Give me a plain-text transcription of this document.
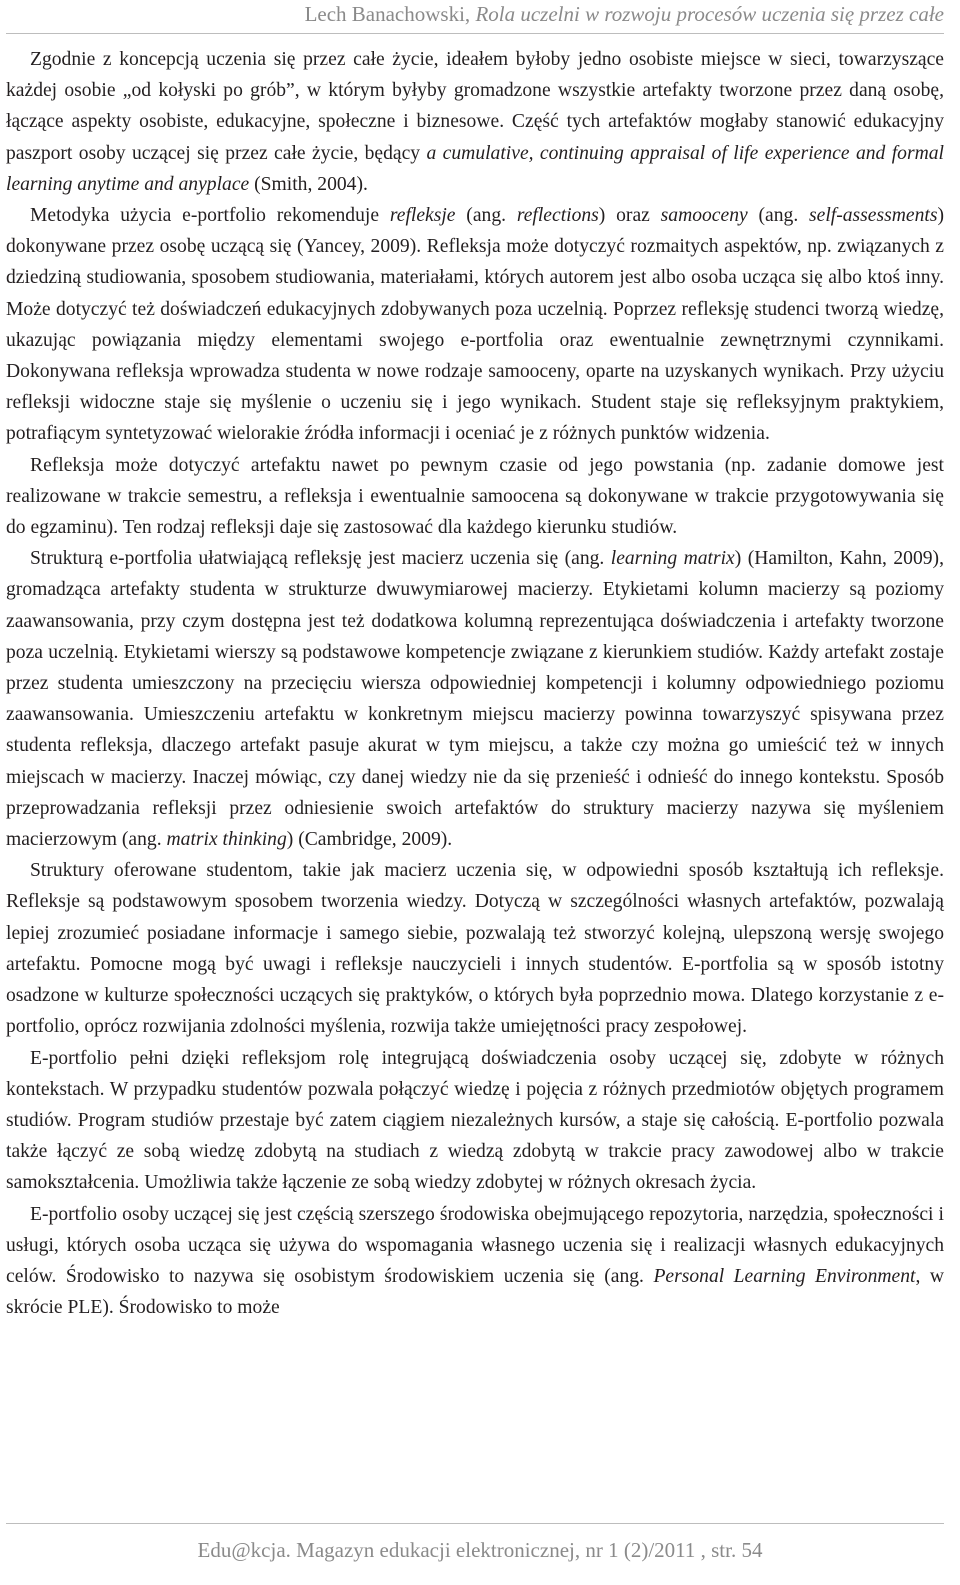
Lech Banachowski, Rola uczelni w rozwoju procesów uczenia się przez całe

Zgodnie z koncepcją uczenia się przez całe życie, ideałem byłoby jedno osobiste miejsce w sieci, towarzyszące każdej osobie „od kołyski po grób”, w którym byłyby gromadzone wszystkie artefakty tworzone przez daną osobę, łączące aspekty osobiste, edukacyjne, społeczne i biznesowe. Część tych artefaktów mogłaby stanowić edukacyjny paszport osoby uczącej się przez całe życie, będący a cumulative, continuing appraisal of life experience and formal learning anytime and anyplace (Smith, 2004).

Metodyka użycia e-portfolio rekomenduje refleksje (ang. reflections) oraz samooceny (ang. self-assessments) dokonywane przez osobę uczącą się (Yancey, 2009). Refleksja może dotyczyć rozmaitych aspektów, np. związanych z dziedziną studiowania, sposobem studiowania, materiałami, których autorem jest albo osoba ucząca się albo ktoś inny. Może dotyczyć też doświadczeń edukacyjnych zdobywanych poza uczelnią. Poprzez refleksję studenci tworzą wiedzę, ukazując powiązania między elementami swojego e-portfolia oraz ewentualnie zewnętrznymi czynnikami. Dokonywana refleksja wprowadza studenta w nowe rodzaje samooceny, oparte na uzyskanych wynikach. Przy użyciu refleksji widoczne staje się myślenie o uczeniu się i jego wynikach. Student staje się refleksyjnym praktykiem, potrafiącym syntetyzować wielorakie źródła informacji i oceniać je z różnych punktów widzenia.

Refleksja może dotyczyć artefaktu nawet po pewnym czasie od jego powstania (np. zadanie domowe jest realizowane w trakcie semestru, a refleksja i ewentualnie samoocena są dokonywane w trakcie przygotowywania się do egzaminu). Ten rodzaj refleksji daje się zastosować dla każdego kierunku studiów.

Strukturą e-portfolia ułatwiającą refleksję jest macierz uczenia się (ang. learning matrix) (Hamilton, Kahn, 2009), gromadząca artefakty studenta w strukturze dwuwymiarowej macierzy. Etykietami kolumn macierzy są poziomy zaawansowania, przy czym dostępna jest też dodatkowa kolumną reprezentująca doświadczenia i artefakty tworzone poza uczelnią. Etykietami wierszy są podstawowe kompetencje związane z kierunkiem studiów. Każdy artefakt zostaje przez studenta umieszczony na przecięciu wiersza odpowiedniej kompetencji i kolumny odpowiedniego poziomu zaawansowania. Umieszczeniu artefaktu w konkretnym miejscu macierzy powinna towarzyszyć spisywana przez studenta refleksja, dlaczego artefakt pasuje akurat w tym miejscu, a także czy można go umieścić też w innych miejscach w macierzy. Inaczej mówiąc, czy danej wiedzy nie da się przenieść i odnieść do innego kontekstu. Sposób przeprowadzania refleksji przez odniesienie swoich artefaktów do struktury macierzy nazywa się myśleniem macierzowym (ang. matrix thinking) (Cambridge, 2009).

Struktury oferowane studentom, takie jak macierz uczenia się, w odpowiedni sposób kształtują ich refleksje. Refleksje są podstawowym sposobem tworzenia wiedzy. Dotyczą w szczególności własnych artefaktów, pozwalają lepiej zrozumieć posiadane informacje i samego siebie, pozwalają też stworzyć kolejną, ulepszoną wersję swojego artefaktu. Pomocne mogą być uwagi i refleksje nauczycieli i innych studentów. E-portfolia są w sposób istotny osadzone w kulturze społeczności uczących się praktyków, o których była poprzednio mowa. Dlatego korzystanie z e-portfolio, oprócz rozwijania zdolności myślenia, rozwija także umiejętności pracy zespołowej.

E-portfolio pełni dzięki refleksjom rolę integrującą doświadczenia osoby uczącej się, zdobyte w różnych kontekstach. W przypadku studentów pozwala połączyć wiedzę i pojęcia z różnych przedmiotów objętych programem studiów. Program studiów przestaje być zatem ciągiem niezależnych kursów, a staje się całością. E-portfolio pozwala także łączyć ze sobą wiedzę zdobytą na studiach z wiedzą zdobytą w trakcie pracy zawodowej albo w trakcie samokształcenia. Umożliwia także łączenie ze sobą wiedzy zdobytej w różnych okresach życia.

E-portfolio osoby uczącej się jest częścią szerszego środowiska obejmującego repozytoria, narzędzia, społeczności i usługi, których osoba ucząca się używa do wspomagania własnego uczenia się i realizacji własnych edukacyjnych celów. Środowisko to nazywa się osobistym środowiskiem uczenia się (ang. Personal Learning Environment, w skrócie PLE). Środowisko to może

Edu@kcja. Magazyn edukacji elektronicznej, nr 1 (2)/2011 , str. 54
